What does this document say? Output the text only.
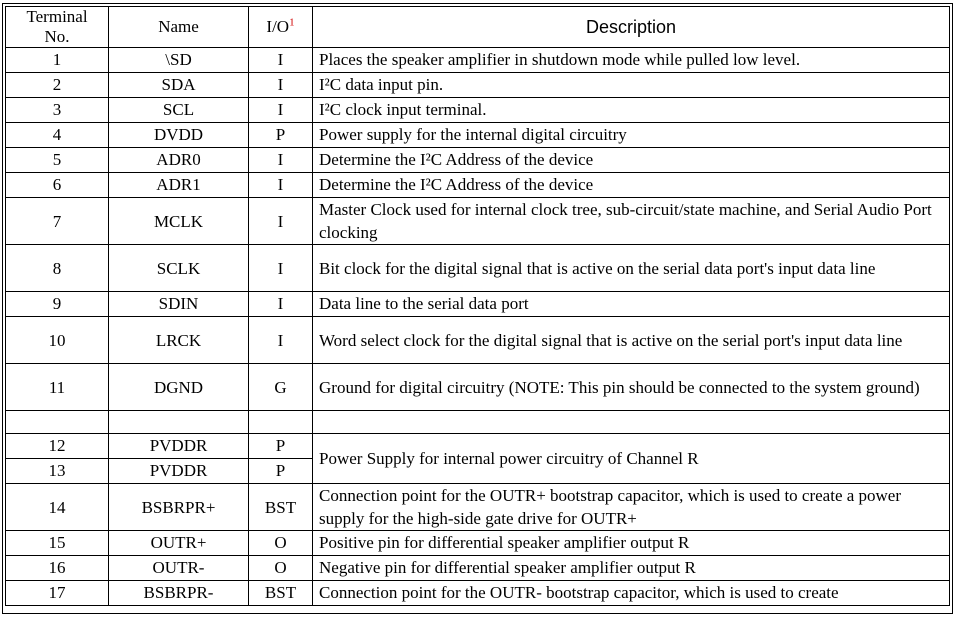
Terminal No.	Name	I/O$^1$	Description
1	\SD	I	Places the speaker amplifier in shutdown mode while pulled low level.
2	SDA	I	I²C data input pin.
3	SCL	I	I²C clock input terminal.
4	DVDD	P	Power supply for the internal digital circuitry
5	ADR0	I	Determine the I²C Address of the device
6	ADR1	I	Determine the I²C Address of the device
7	MCLK	I	Master Clock used for internal clock tree, sub-circuit/state machine, and Serial Audio Port clocking
8	SCLK	I	Bit clock for the digital signal that is active on the serial data port's input data line
9	SDIN	I	Data line to the serial data port
10	LRCK	I	Word select clock for the digital signal that is active on the serial port's input data line
11	DGND	G	Ground for digital circuitry (NOTE: This pin should be connected to the system ground)

12	PVDDR	P	Power Supply for internal power circuitry of Channel R
13	PVDDR	P	
14	BSBRPR+	BST	Connection point for the OUTR+ bootstrap capacitor, which is used to create a power supply for the high-side gate drive for OUTR+
15	OUTR+	O	Positive pin for differential speaker amplifier output R
16	OUTR-	O	Negative pin for differential speaker amplifier output R
17	BSBRPR-	BST	Connection point for the OUTR- bootstrap capacitor, which is used to create
